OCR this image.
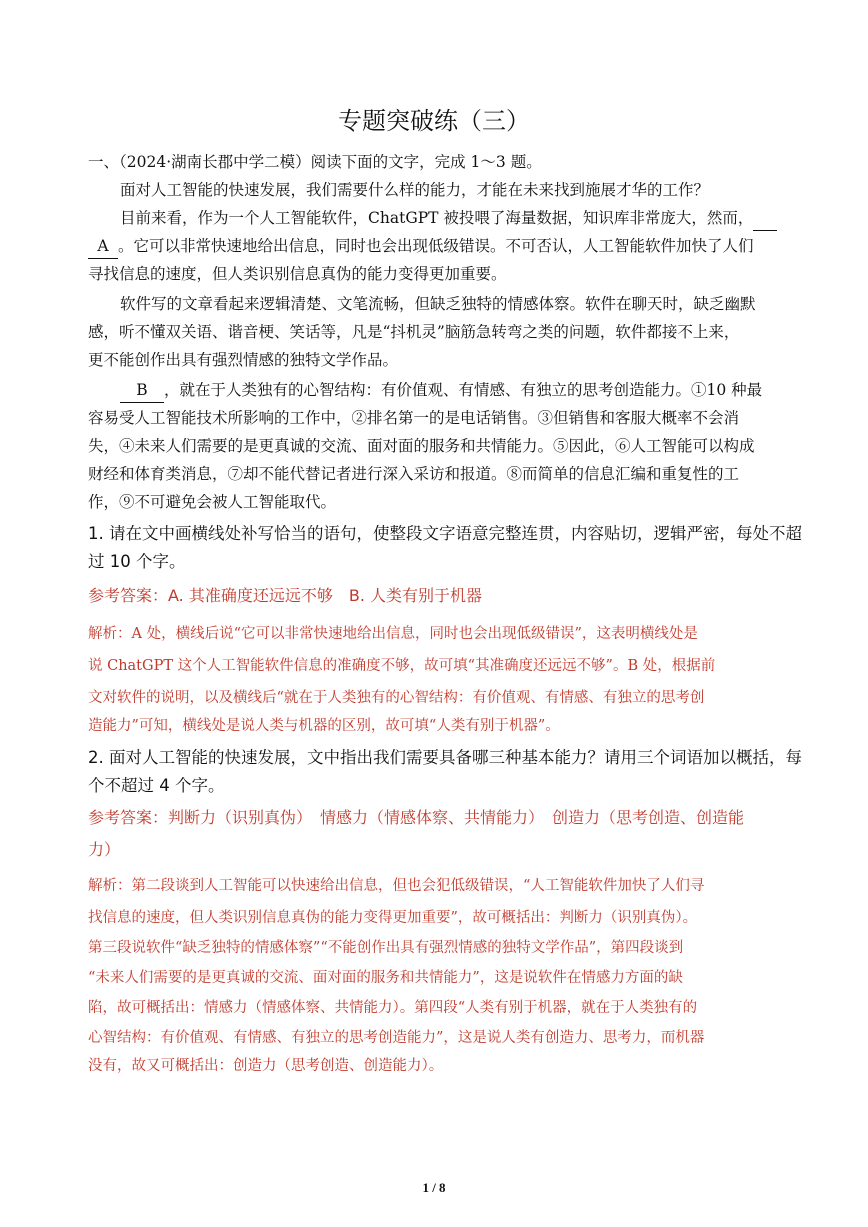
专题突破练（三）
一、（2024·湖南长郡中学二模）阅读下面的文字，完成 1～3 题。
面对人工智能的快速发展，我们需要什么样的能力，才能在未来找到施展才华的工作？
目前来看，作为一个人工智能软件，ChatGPT 被投喂了海量数据，知识库非常庞大，然而，
A 。它可以非常快速地给出信息，同时也会出现低级错误。不可否认，人工智能软件加快了人们
寻找信息的速度，但人类识别信息真伪的能力变得更加重要。
软件写的文章看起来逻辑清楚、文笔流畅，但缺乏独特的情感体察。软件在聊天时，缺乏幽默
感，听不懂双关语、谐音梗、笑话等，凡是“抖机灵”脑筋急转弯之类的问题，软件都接不上来，
更不能创作出具有强烈情感的独特文学作品。
B ，就在于人类独有的心智结构：有价值观、有情感、有独立的思考创造能力。①10 种最
容易受人工智能技术所影响的工作中，②排名第一的是电话销售。③但销售和客服大概率不会消
失，④未来人们需要的是更真诚的交流、面对面的服务和共情能力。⑤因此，⑥人工智能可以构成
财经和体育类消息，⑦却不能代替记者进行深入采访和报道。⑧而简单的信息汇编和重复性的工
作，⑨不可避免会被人工智能取代。
1. 请在文中画横线处补写恰当的语句，使整段文字语意完整连贯，内容贴切，逻辑严密，每处不超
过 10 个字。
参考答案：A. 其准确度还远远不够　B. 人类有别于机器
解析：A 处，横线后说“它可以非常快速地给出信息，同时也会出现低级错误”，这表明横线处是
说 ChatGPT 这个人工智能软件信息的准确度不够，故可填“其准确度还远远不够”。B 处，根据前
文对软件的说明，以及横线后“就在于人类独有的心智结构：有价值观、有情感、有独立的思考创
造能力”可知，横线处是说人类与机器的区别，故可填“人类有别于机器”。
2. 面对人工智能的快速发展，文中指出我们需要具备哪三种基本能力？请用三个词语加以概括，每
个不超过 4 个字。
参考答案：判断力（识别真伪）　情感力（情感体察、共情能力）　创造力（思考创造、创造能
力）
解析：第二段谈到人工智能可以快速给出信息，但也会犯低级错误，“人工智能软件加快了人们寻
找信息的速度，但人类识别信息真伪的能力变得更加重要”，故可概括出：判断力（识别真伪）。
第三段说软件“缺乏独特的情感体察”“不能创作出具有强烈情感的独特文学作品”，第四段谈到
“未来人们需要的是更真诚的交流、面对面的服务和共情能力”，这是说软件在情感力方面的缺
陷，故可概括出：情感力（情感体察、共情能力）。第四段“人类有别于机器，就在于人类独有的
心智结构：有价值观、有情感、有独立的思考创造能力”，这是说人类有创造力、思考力，而机器
没有，故又可概括出：创造力（思考创造、创造能力）。
1 / 8
